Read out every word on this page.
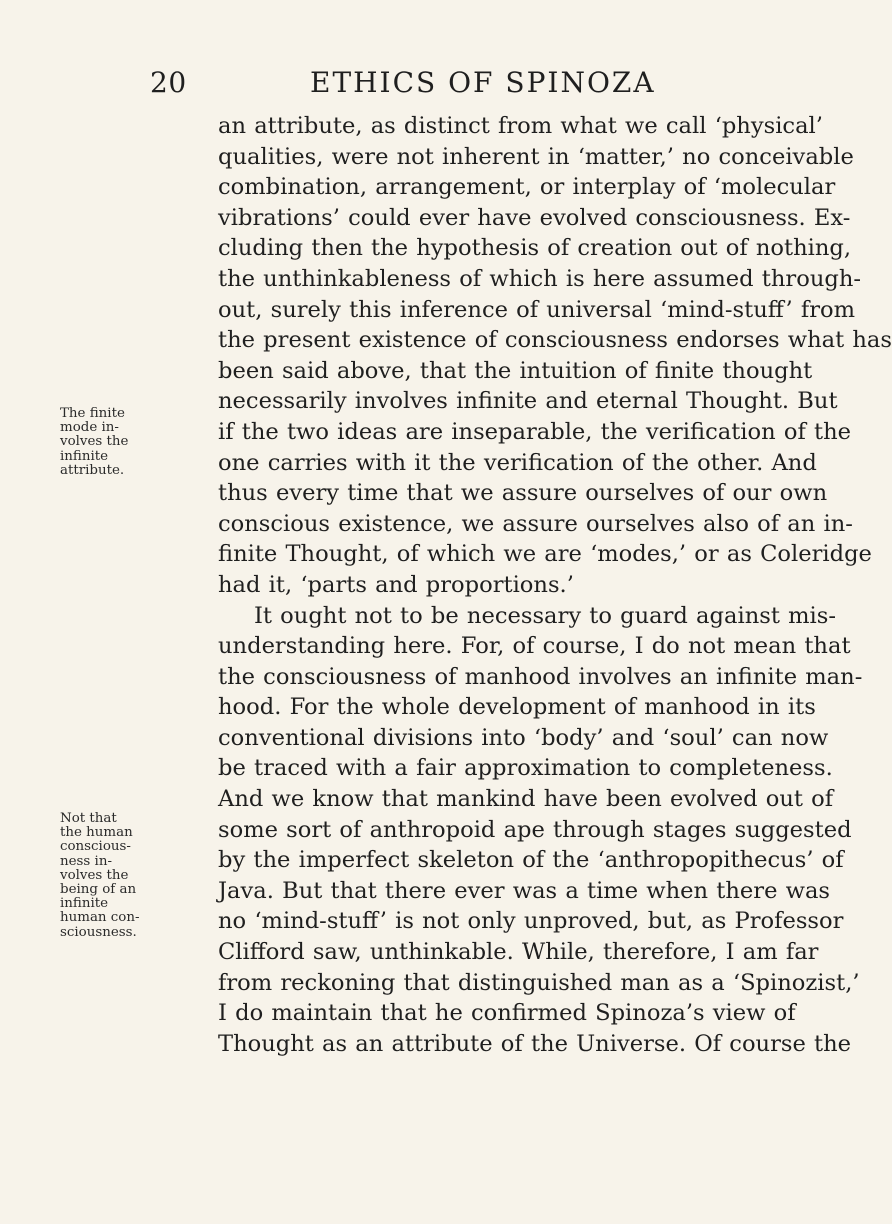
20	ETHICS OF SPINOZA
The finite
mode in-
volves the
infinite
attribute.
Not that
the human
conscious-
ness in-
volves the
being of an
infinite
human con-
sciousness.
an attribute, as distinct from what we call ‘physical’
qualities, were not inherent in ‘matter,’ no conceivable
combination, arrangement, or interplay of ‘molecular
vibrations’ could ever have evolved consciousness. Ex-
cluding then the hypothesis of creation out of nothing,
the unthinkableness of which is here assumed through-
out, surely this inference of universal ‘mind-stuff’ from
the present existence of consciousness endorses what has
been said above, that the intuition of finite thought
necessarily involves infinite and eternal Thought. But
if the two ideas are inseparable, the verification of the
one carries with it the verification of the other. And
thus every time that we assure ourselves of our own
conscious existence, we assure ourselves also of an in-
finite Thought, of which we are ‘modes,’ or as Coleridge
had it, ‘parts and proportions.’
It ought not to be necessary to guard against mis-
understanding here. For, of course, I do not mean that
the consciousness of manhood involves an infinite man-
hood. For the whole development of manhood in its
conventional divisions into ‘body’ and ‘soul’ can now
be traced with a fair approximation to completeness.
And we know that mankind have been evolved out of
some sort of anthropoid ape through stages suggested
by the imperfect skeleton of the ‘anthropopithecus’ of
Java. But that there ever was a time when there was
no ‘mind-stuff’ is not only unproved, but, as Professor
Clifford saw, unthinkable. While, therefore, I am far
from reckoning that distinguished man as a ‘Spinozist,’
I do maintain that he confirmed Spinoza’s view of
Thought as an attribute of the Universe. Of course the
